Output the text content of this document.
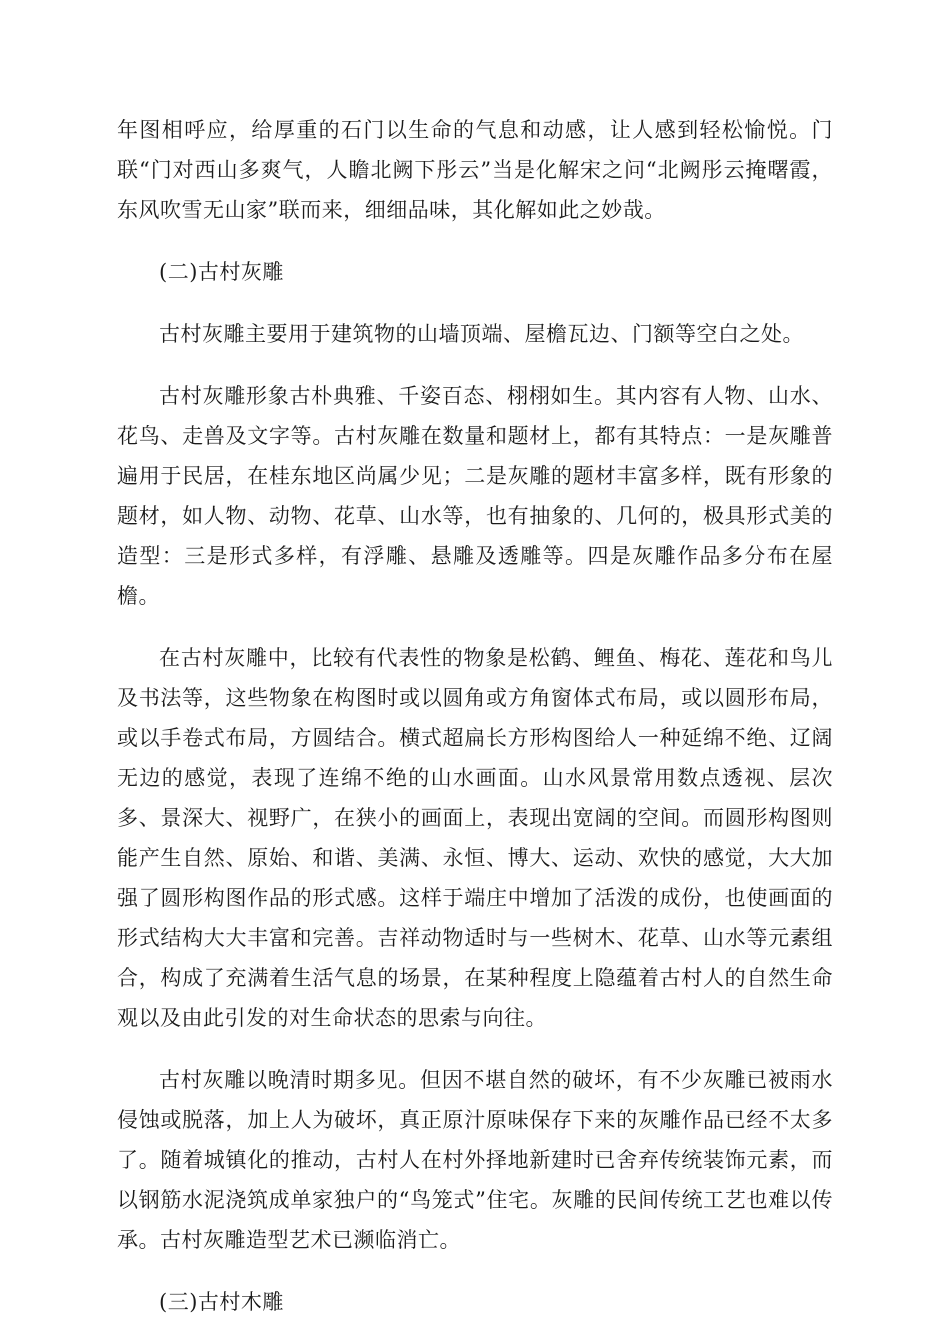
年图相呼应，给厚重的石门以生命的气息和动感，让人感到轻松愉悦。门联“门对西山多爽气，人瞻北阙下彤云”当是化解宋之问“北阙彤云掩曙霞，东风吹雪无山家”联而来，细细品味，其化解如此之妙哉。

(二)古村灰雕

古村灰雕主要用于建筑物的山墙顶端、屋檐瓦边、门额等空白之处。

古村灰雕形象古朴典雅、千姿百态、栩栩如生。其内容有人物、山水、花鸟、走兽及文字等。古村灰雕在数量和题材上，都有其特点：一是灰雕普遍用于民居，在桂东地区尚属少见；二是灰雕的题材丰富多样，既有形象的题材，如人物、动物、花草、山水等，也有抽象的、几何的，极具形式美的造型：三是形式多样，有浮雕、悬雕及透雕等。四是灰雕作品多分布在屋檐。

在古村灰雕中，比较有代表性的物象是松鹤、鲤鱼、梅花、莲花和鸟儿及书法等，这些物象在构图时或以圆角或方角窗体式布局，或以圆形布局，或以手卷式布局，方圆结合。横式超扁长方形构图给人一种延绵不绝、辽阔无边的感觉，表现了连绵不绝的山水画面。山水风景常用数点透视、层次多、景深大、视野广，在狭小的画面上，表现出宽阔的空间。而圆形构图则能产生自然、原始、和谐、美满、永恒、博大、运动、欢快的感觉，大大加强了圆形构图作品的形式感。这样于端庄中增加了活泼的成份，也使画面的形式结构大大丰富和完善。吉祥动物适时与一些树木、花草、山水等元素组合，构成了充满着生活气息的场景，在某种程度上隐蕴着古村人的自然生命观以及由此引发的对生命状态的思索与向往。

古村灰雕以晚清时期多见。但因不堪自然的破坏，有不少灰雕已被雨水侵蚀或脱落，加上人为破坏，真正原汁原味保存下来的灰雕作品已经不太多了。随着城镇化的推动，古村人在村外择地新建时已舍弃传统装饰元素，而以钢筋水泥浇筑成单家独户的“鸟笼式”住宅。灰雕的民间传统工艺也难以传承。古村灰雕造型艺术已濒临消亡。

(三)古村木雕
